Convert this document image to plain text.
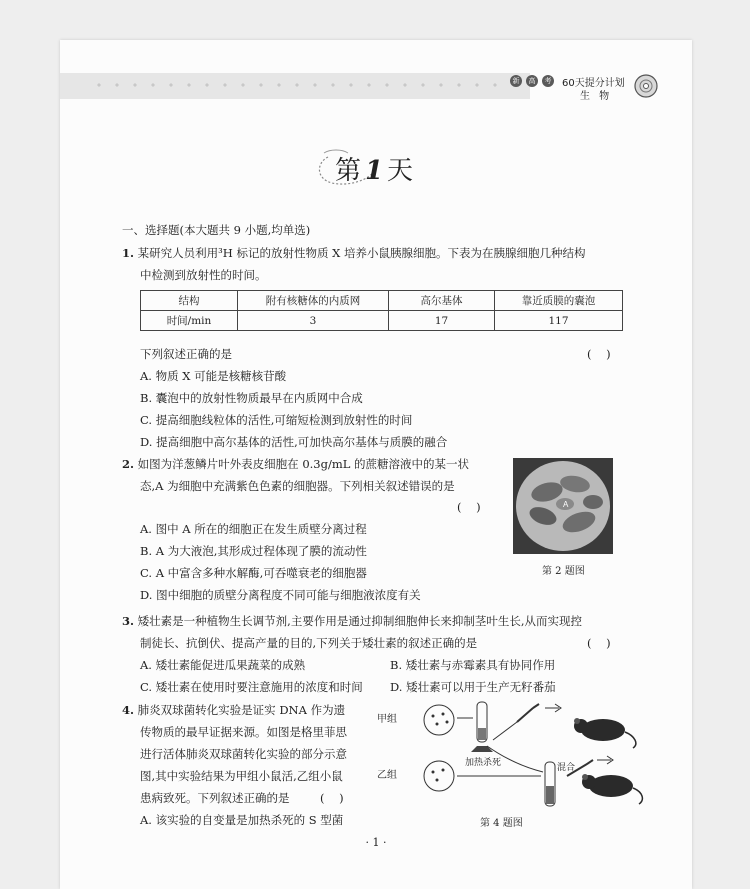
新	高	考 60天提分计划
生 物
第1天
一、选择题(本大题共 9 小题,均单选)
1. 某研究人员利用³H 标记的放射性物质 X 培养小鼠胰腺细胞。下表为在胰腺细胞几种结构
中检测到放射性的时间。
结构	附有核糖体的内质网	高尔基体	靠近质膜的囊泡
时间/min	3	17	117
下列叙述正确的是	(    )
A. 物质 X 可能是核糖核苷酸
B. 囊泡中的放射性物质最早在内质网中合成
C. 提高细胞线粒体的活性,可缩短检测到放射性的时间
D. 提高细胞中高尔基体的活性,可加快高尔基体与质膜的融合
2. 如图为洋葱鳞片叶外表皮细胞在 0.3g/mL 的蔗糖溶液中的某一状
态,A 为细胞中充满紫色色素的细胞器。下列相关叙述错误的是
(    )
A. 图中 A 所在的细胞正在发生质壁分离过程
B. A 为大液泡,其形成过程体现了膜的流动性
C. A 中富含多种水解酶,可吞噬衰老的细胞器
D. 图中细胞的质壁分离程度不同可能与细胞液浓度有关
A
第 2 题图
3. 矮壮素是一种植物生长调节剂,主要作用是通过抑制细胞伸长来抑制茎叶生长,从而实现控
制徒长、抗倒伏、提高产量的目的,下列关于矮壮素的叙述正确的是	(    )
A. 矮壮素能促进瓜果蔬菜的成熟	B. 矮壮素与赤霉素具有协同作用
C. 矮壮素在使用时要注意施用的浓度和时间 D. 矮壮素可以用于生产无籽番茄
4. 肺炎双球菌转化实验是证实 DNA 作为遗
传物质的最早证据来源。如图是格里菲思
进行活体肺炎双球菌转化实验的部分示意
图,其中实验结果为甲组小鼠活,乙组小鼠
患病致死。下列叙述正确的是	(    )
A. 该实验的自变量是加热杀死的 S 型菌
甲组
乙组
加热杀死	混合
第 4 题图
· 1 ·
